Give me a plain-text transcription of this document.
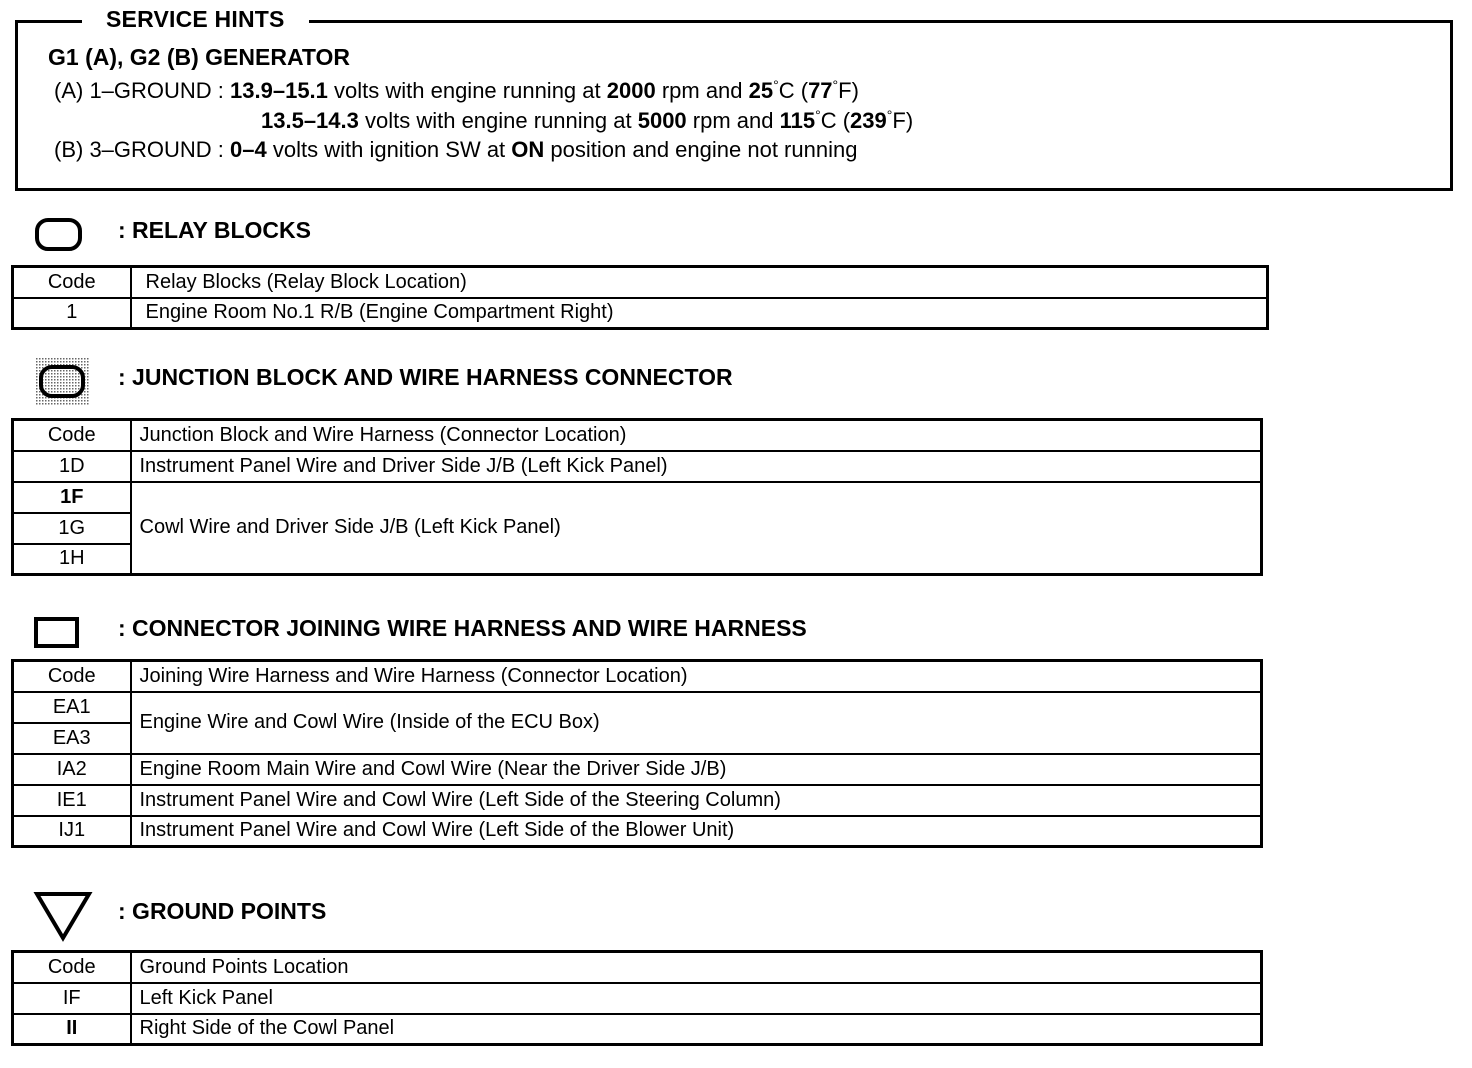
SERVICE HINTS
G1 (A), G2 (B) GENERATOR
(A) 1–GROUND : 13.9–15.1 volts with engine running at 2000 rpm and 25°C (77°F)
13.5–14.3 volts with engine running at 5000 rpm and 115°C (239°F)
(B) 3–GROUND : 0–4 volts with ignition SW at ON position and engine not running
: RELAY BLOCKS
Code	Relay Blocks (Relay Block Location)
1	Engine Room No.1 R/B (Engine Compartment Right)
: JUNCTION BLOCK AND WIRE HARNESS CONNECTOR
Code	Junction Block and Wire Harness (Connector Location)
1D	Instrument Panel Wire and Driver Side J/B (Left Kick Panel)
1F	Cowl Wire and Driver Side J/B (Left Kick Panel)
1G	
1H	
: CONNECTOR JOINING WIRE HARNESS AND WIRE HARNESS
Code	Joining Wire Harness and Wire Harness (Connector Location)
EA1	Engine Wire and Cowl Wire (Inside of the ECU Box)
EA3	
IA2	Engine Room Main Wire and Cowl Wire (Near the Driver Side J/B)
IE1	Instrument Panel Wire and Cowl Wire (Left Side of the Steering Column)
IJ1	Instrument Panel Wire and Cowl Wire (Left Side of the Blower Unit)
: GROUND POINTS
Code	Ground Points Location
IF	Left Kick Panel
II	Right Side of the Cowl Panel
